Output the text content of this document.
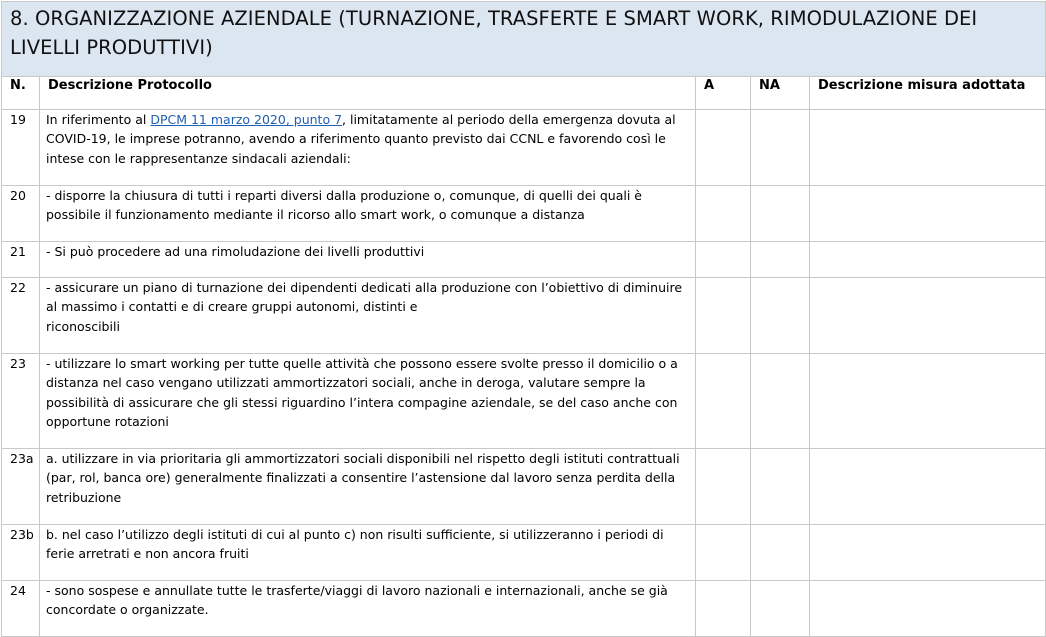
8. ORGANIZZAZIONE AZIENDALE (TURNAZIONE, TRASFERTE E SMART WORK, RIMODULAZIONE DEI LIVELLI PRODUTTIVI)				

N.	Descrizione Protocollo	A	NA	Descrizione misura adottata
19	In riferimento al DPCM 11 marzo 2020, punto 7, limitatamente al periodo della emergenza dovuta al COVID-19, le imprese potranno, avendo a riferimento quanto previsto dai CCNL e favorendo così le intese con le rappresentanze sindacali aziendali:			
20	- disporre la chiusura di tutti i reparti diversi dalla produzione o, comunque, di quelli dei quali è possibile il funzionamento mediante il ricorso allo smart work, o comunque a distanza			
21	- Si può procedere ad una rimoludazione dei livelli produttivi			
22	- assicurare un piano di turnazione dei dipendenti dedicati alla produzione con l’obiettivo di diminuire al massimo i contatti e di creare gruppi autonomi, distinti e
riconoscibili			
23	- utilizzare lo smart working per tutte quelle attività che possono essere svolte presso il domicilio o a distanza nel caso vengano utilizzati ammortizzatori sociali, anche in deroga, valutare sempre la possibilità di assicurare che gli stessi riguardino l’intera compagine aziendale, se del caso anche con opportune rotazioni			
23a	a. utilizzare in via prioritaria gli ammortizzatori sociali disponibili nel rispetto degli istituti contrattuali (par, rol, banca ore) generalmente finalizzati a consentire l’astensione dal lavoro senza perdita della retribuzione			
23b	b. nel caso l’utilizzo degli istituti di cui al punto c) non risulti sufficiente, si utilizzeranno i periodi di ferie arretrati e non ancora fruiti			
24	- sono sospese e annullate tutte le trasferte/viaggi di lavoro nazionali e internazionali, anche se già concordate o organizzate.			
